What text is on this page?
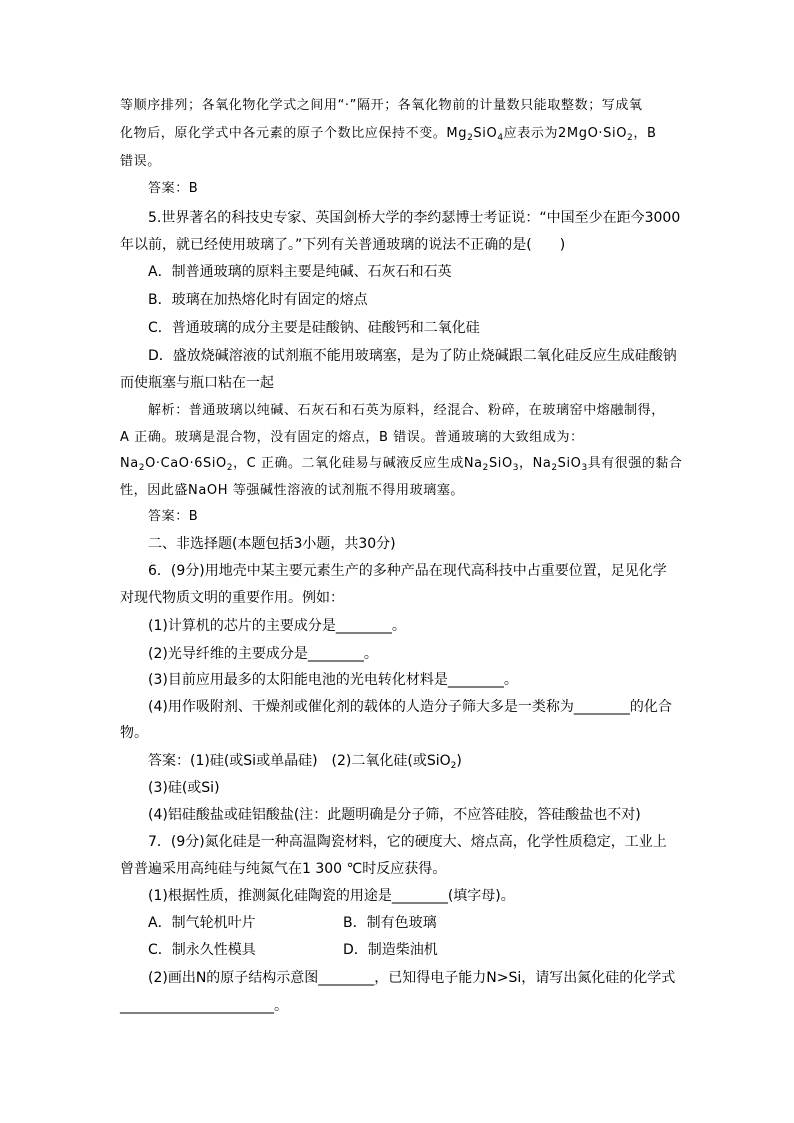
等顺序排列；各氧化物化学式之间用“·”隔开；各氧化物前的计量数只能取整数；写成氧
化物后，原化学式中各元素的原子个数比应保持不变。$Mg_2SiO_4$应表示为2MgO·SiO$_2$，B
错误。
答案：B
5.世界著名的科技史专家、英国剑桥大学的李约瑟博士考证说：“中国至少在距今3000
年以前，就已经使用玻璃了。”下列有关普通玻璃的说法不正确的是(　　)
A．制普通玻璃的原料主要是纯碱、石灰石和石英
B．玻璃在加热熔化时有固定的熔点
C．普通玻璃的成分主要是硅酸钠、硅酸钙和二氧化硅
D．盛放烧碱溶液的试剂瓶不能用玻璃塞，是为了防止烧碱跟二氧化硅反应生成硅酸钠
而使瓶塞与瓶口粘在一起
解析：普通玻璃以纯碱、石灰石和石英为原料，经混合、粉碎，在玻璃窑中熔融制得，
A 正确。玻璃是混合物，没有固定的熔点，B 错误。普通玻璃的大致组成为：
$Na_2O\cdot CaO\cdot 6SiO_2$，C 正确。二氧化硅易与碱液反应生成$Na_2SiO_3$，$Na_2SiO_3$具有很强的黏合
性，因此盛NaOH 等强碱性溶液的试剂瓶不得用玻璃塞。
答案：B
二、非选择题(本题包括3小题，共30分)
6．(9分)用地壳中某主要元素生产的多种产品在现代高科技中占重要位置，足见化学
对现代物质文明的重要作用。例如：
(1)计算机的芯片的主要成分是________。
(2)光导纤维的主要成分是________。
(3)目前应用最多的太阳能电池的光电转化材料是________。
(4)用作吸附剂、干燥剂或催化剂的载体的人造分子筛大多是一类称为________的化合
物。
答案：(1)硅(或Si或单晶硅)　(2)二氧化硅(或SiO$_2$)
(3)硅(或Si)
(4)铝硅酸盐或硅铝酸盐(注：此题明确是分子筛，不应答硅胶，答硅酸盐也不对)
7．(9分)氮化硅是一种高温陶瓷材料，它的硬度大、熔点高，化学性质稳定，工业上
曾普遍采用高纯硅与纯氮气在1 300 ℃时反应获得。
(1)根据性质，推测氮化硅陶瓷的用途是________(填字母)。
A．制气轮机叶片	B．制有色玻璃
C．制永久性模具	D．制造柴油机
(2)画出N的原子结构示意图________，已知得电子能力N>Si，请写出氮化硅的化学式
______________________。
